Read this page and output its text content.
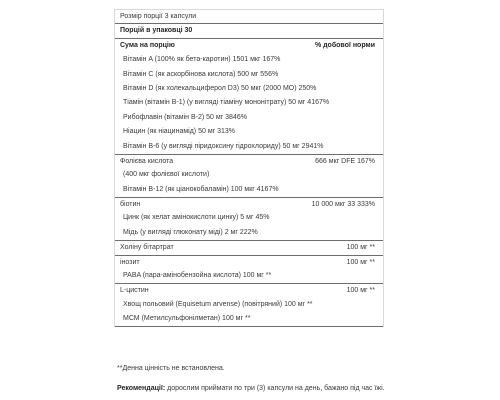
Розмір порції 3 капсули
Порцій в упаковці 30
Сума на порцію	% добової норми
Вітамін A (100% як бета-каротин) 1501 мкг 167%
Вітамін C (як аскорбінова кислота) 500 мг 556%
Вітамін D (як холекальциферол D3) 50 мкг (2000 МО) 250%
Тіамін (вітамін B-1) (у вигляді тіаміну мононітрату) 50 мг 4167%
Рибофлавін (вітамін B-2) 50 мг 3846%
Ніацин (як ніацинамід) 50 мг 313%
Вітамін B-6 (у вигляді піридоксину гідрохлориду) 50 мг 2941%
Фолієва кислота	666 мкг DFE 167%
(400 мкг фолієвої кислоти)
Вітамін B-12 (як ціанокобаламін) 100 мкг 4167%
біотин	10 000 мкг 33 333%
Цинк (як хелат амінокислоти цинку) 5 мг 45%
Мідь (у вигляді глюконату міді) 2 мг 222%
Холіну бітартрат	100 мг **
інозит	100 мг **
PABA (пара-амінобензойна кислота) 100 мг **
L-цистин	100 мг **
Хвощ польовий (Equisetum arvense) (повітряний) 100 мг **
МСМ (Метилсульфонілметан) 100 мг **
**Денна цінність не встановлена.
Рекомендації: дорослим приймати по три (3) капсули на день, бажано під час їжі.
